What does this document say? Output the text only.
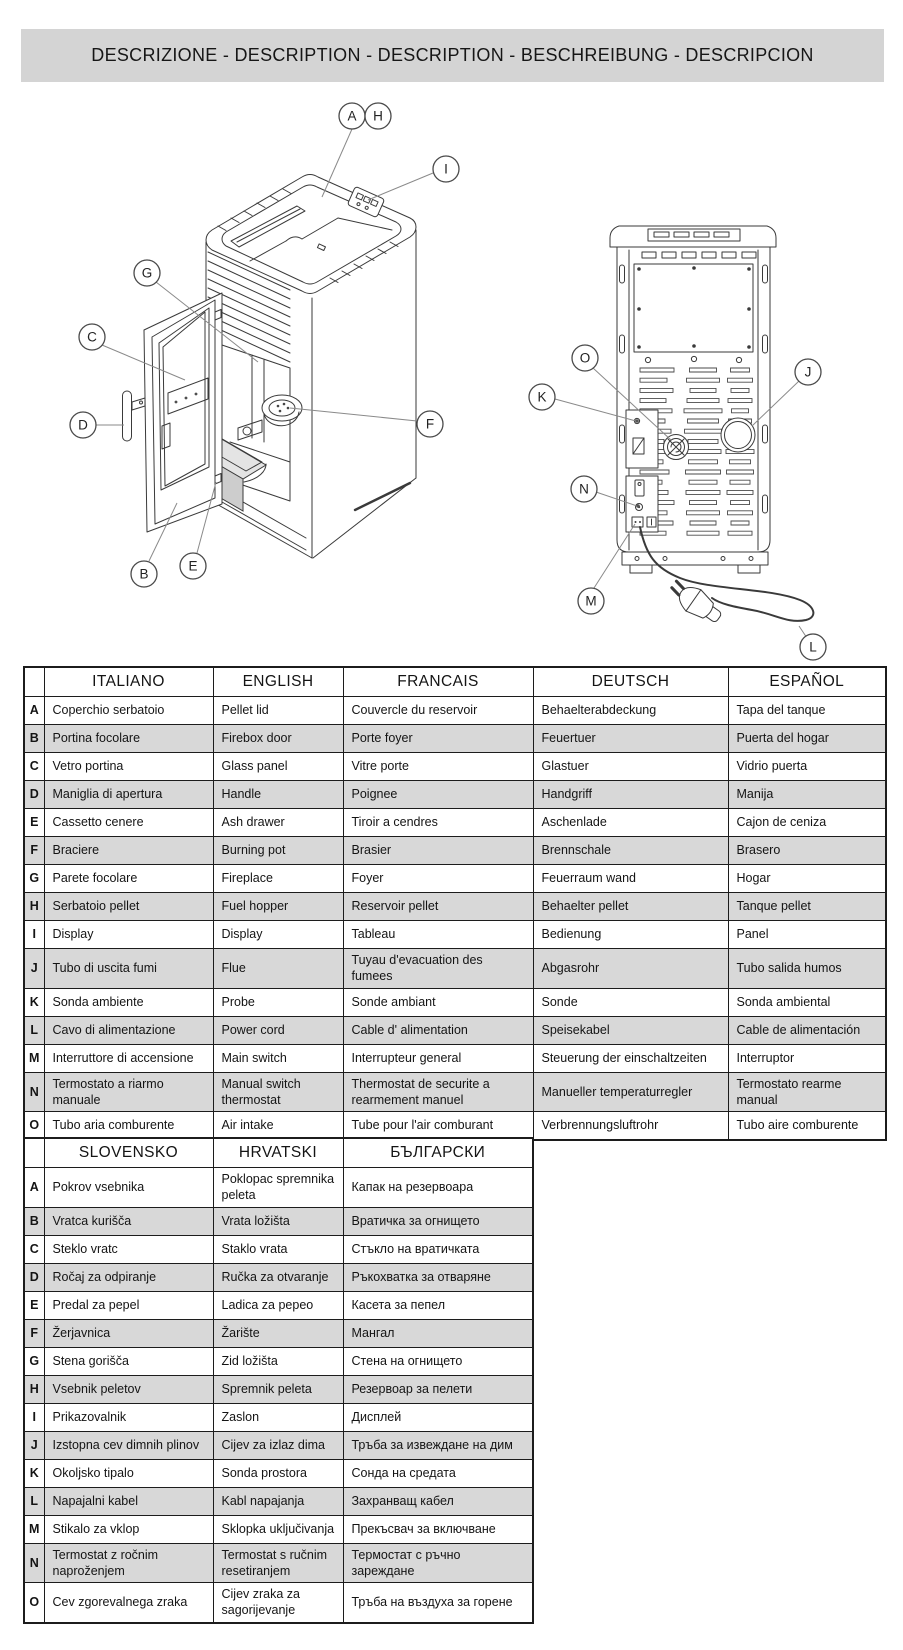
DESCRIZIONE - DESCRIPTION - DESCRIPTION - BESCHREIBUNG - DESCRIPCION
A H
I
G
C
D
B
E
F
O
K
N
J
M
L
	ITALIANO	ENGLISH	FRANCAIS	DEUTSCH	ESPAÑOL
A	Coperchio serbatoio	Pellet lid	Couvercle du reservoir	Behaelterabdeckung	Tapa del tanque
B	Portina focolare	Firebox door	Porte foyer	Feuertuer	Puerta del hogar
C	Vetro portina	Glass panel	Vitre porte	Glastuer	Vidrio puerta
D	Maniglia di apertura	Handle	Poignee	Handgriff	Manija
E	Cassetto cenere	Ash drawer	Tiroir a cendres	Aschenlade	Cajon de ceniza
F	Braciere	Burning pot	Brasier	Brennschale	Brasero
G	Parete focolare	Fireplace	Foyer	Feuerraum wand	Hogar
H	Serbatoio pellet	Fuel hopper	Reservoir pellet	Behaelter pellet	Tanque pellet
I	Display	Display	Tableau	Bedienung	Panel
J	Tubo di uscita fumi	Flue	Tuyau d'evacuation des fumees	Abgasrohr	Tubo salida humos
K	Sonda ambiente	Probe	Sonde ambiant	Sonde	Sonda ambiental
L	Cavo di alimentazione	Power cord	Cable d' alimentation	Speisekabel	Cable de alimentación
M	Interruttore di accensione	Main switch	Interrupteur general	Steuerung der einschaltzeiten	Interruptor
N	Termostato a riarmo manuale	Manual switch thermostat	Thermostat de securite a rearmement manuel	Manueller temperaturregler	Termostato rearme manual
O	Tubo aria comburente	Air intake	Tube pour l'air comburant	Verbrennungsluftrohr	Tubo aire comburente
	SLOVENSKO	HRVATSKI	БЪЛГАРСКИ
A	Pokrov vsebnika	Poklopac spremnika peleta	Капак на резервоара
B	Vratca kurišča	Vrata ložišta	Вратичка за огнището
C	Steklo vratc	Staklo vrata	Стъкло на вратичката
D	Ročaj za odpiranje	Ručka za otvaranje	Ръкохватка за отваряне
E	Predal za pepel	Ladica za pepeo	Касета за пепел
F	Žerjavnica	Žarište	Мангал
G	Stena gorišča	Zid ložišta	Стена на огнището
H	Vsebnik peletov	Spremnik peleta	Резервоар за пелети
I	Prikazovalnik	Zaslon	Дисплей
J	Izstopna cev dimnih plinov	Cijev za izlaz dima	Тръба за извеждане на дим
K	Okoljsko tipalo	Sonda prostora	Сонда на средата
L	Napajalni kabel	Kabl napajanja	Захранващ кабел
M	Stikalo za vklop	Sklopka uključivanja	Прекъсвач за включване
N	Termostat z ročnim naproženjem	Termostat s ručnim resetiranjem	Термостат с ръчно зареждане
O	Cev zgorevalnega zraka	Cijev zraka za sagorijevanje	Тръба на въздуха за горене
